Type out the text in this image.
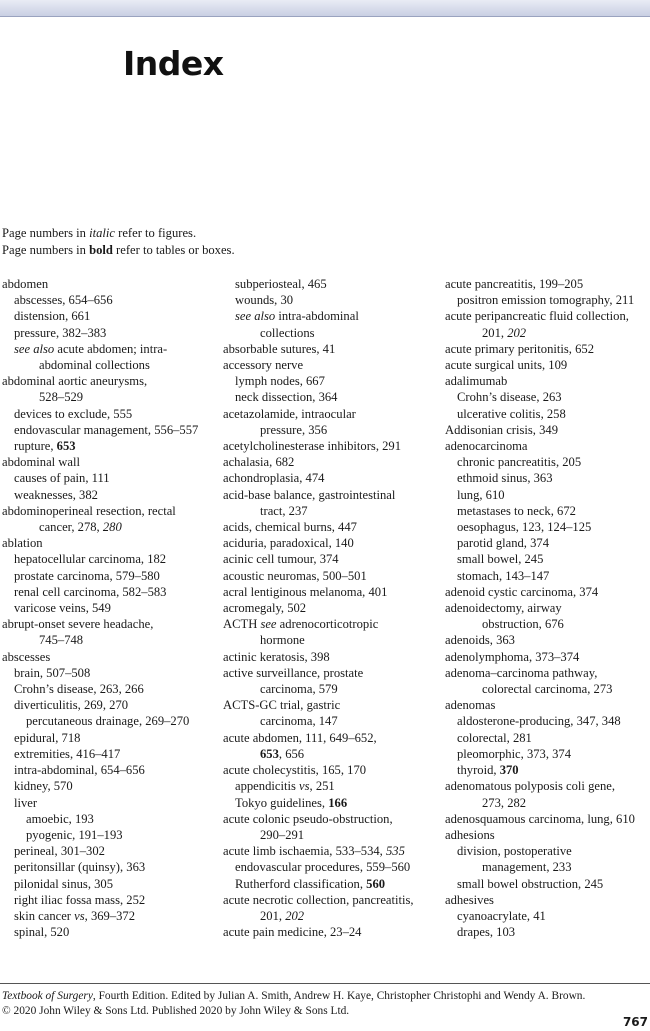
Index
Page numbers in italic refer to figures.
Page numbers in bold refer to tables or boxes.
abdomen
abscesses, 654–656
distension, 661
pressure, 382–383
see also acute abdomen; intra-
abdominal collections
abdominal aortic aneurysms,
528–529
devices to exclude, 555
endovascular management, 556–557
rupture, 653
abdominal wall
causes of pain, 111
weaknesses, 382
abdominoperineal resection, rectal
cancer, 278, 280
ablation
hepatocellular carcinoma, 182
prostate carcinoma, 579–580
renal cell carcinoma, 582–583
varicose veins, 549
abrupt-onset severe headache,
745–748
abscesses
brain, 507–508
Crohn’s disease, 263, 266
diverticulitis, 269, 270
percutaneous drainage, 269–270
epidural, 718
extremities, 416–417
intra-abdominal, 654–656
kidney, 570
liver
amoebic, 193
pyogenic, 191–193
perineal, 301–302
peritonsillar (quinsy), 363
pilonidal sinus, 305
right iliac fossa mass, 252
skin cancer vs, 369–372
spinal, 520
subperiosteal, 465
wounds, 30
see also intra-abdominal
collections
absorbable sutures, 41
accessory nerve
lymph nodes, 667
neck dissection, 364
acetazolamide, intraocular
pressure, 356
acetylcholinesterase inhibitors, 291
achalasia, 682
achondroplasia, 474
acid-base balance, gastrointestinal
tract, 237
acids, chemical burns, 447
aciduria, paradoxical, 140
acinic cell tumour, 374
acoustic neuromas, 500–501
acral lentiginous melanoma, 401
acromegaly, 502
ACTH see adrenocorticotropic
hormone
actinic keratosis, 398
active surveillance, prostate
carcinoma, 579
ACTS-GC trial, gastric
carcinoma, 147
acute abdomen, 111, 649–652,
653, 656
acute cholecystitis, 165, 170
appendicitis vs, 251
Tokyo guidelines, 166
acute colonic pseudo-obstruction,
290–291
acute limb ischaemia, 533–534, 535
endovascular procedures, 559–560
Rutherford classification, 560
acute necrotic collection, pancreatitis,
201, 202
acute pain medicine, 23–24
acute pancreatitis, 199–205
positron emission tomography, 211
acute peripancreatic fluid collection,
201, 202
acute primary peritonitis, 652
acute surgical units, 109
adalimumab
Crohn’s disease, 263
ulcerative colitis, 258
Addisonian crisis, 349
adenocarcinoma
chronic pancreatitis, 205
ethmoid sinus, 363
lung, 610
metastases to neck, 672
oesophagus, 123, 124–125
parotid gland, 374
small bowel, 245
stomach, 143–147
adenoid cystic carcinoma, 374
adenoidectomy, airway
obstruction, 676
adenoids, 363
adenolymphoma, 373–374
adenoma–carcinoma pathway,
colorectal carcinoma, 273
adenomas
aldosterone-producing, 347, 348
colorectal, 281
pleomorphic, 373, 374
thyroid, 370
adenomatous polyposis coli gene,
273, 282
adenosquamous carcinoma, lung, 610
adhesions
division, postoperative
management, 233
small bowel obstruction, 245
adhesives
cyanoacrylate, 41
drapes, 103
Textbook of Surgery, Fourth Edition. Edited by Julian A. Smith, Andrew H. Kaye, Christopher Christophi and Wendy A. Brown.
© 2020 John Wiley & Sons Ltd. Published 2020 by John Wiley & Sons Ltd.
767
